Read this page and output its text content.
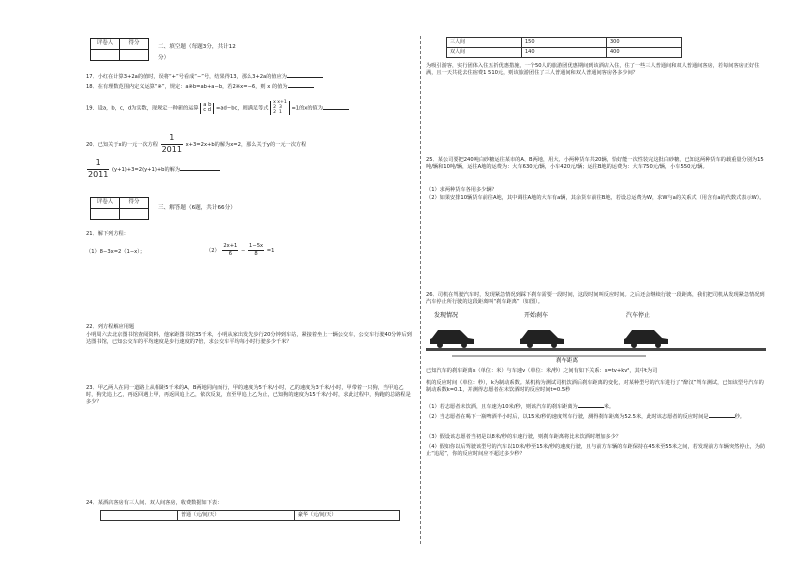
评卷人	得分

二、填空题（每题3分，共计12
分）
17．小红在计算3+2a的值时，误将“+”号看成“−”号，结果得13，那么3+2a的值应为
18．在有理数范围内定义运算“※”，规定：a※b=ab+a−b，若2※x=−6，则 x 的值为
19．设a，b，c，d为实数，现规定一种新的运算 a b
c d =ad−bc，则满足等式 x x+1
2  3
2  1 =1的x的值为
20．已知关于x的一元一次方程 $\frac{1}{2011} x+3=2x+b$的解为x=2，那么关于y的一元一次方程
$\frac{1}{2011} (y+1)+3=2(y+1)+b$的解为
评卷人	得分

三、解答题（6题，共计66分）
21．解下列方程：
（1）8−3x=2（1−x）；	$(2) \frac{2x+1}{6} - \frac{1-5x}{8} =1$
22．列方程解应用题
小明周六去北京图书馆查阅资料，他家距图书馆35千米，小明从家出发先步行20分钟到车站，紧接着坐上一辆公交车，公交车行驶40分钟后到达图书馆，已知公交车的平均速度是步行速度的7倍，求公交车平均每小时行驶多少千米？
23．甲乙两人在同一道路上从相距5千米的A，B两地同向而行，甲的速度为5千米/小时，乙的速度为3千米/小时，甲带着一只狗，当甲追乙时，狗先追上乙，再返回遇上甲，再返回追上乙，依次反复，直至甲追上乙为止，已知狗的速度为15千米/小时，求此过程中，狗跑的总路程是多少？
24．某酒店客房有三人间、双人间客房，收费数据如下表：
	普通（元/间/天）	豪华（元/间/天）
三人间	150	300
双人间	140	400
为吸引游客，实行团体入住五折优惠措施，一个50人的旅游团优惠期间到该酒店入住，住了一些三人普通间和双人普通间客房，若每间客房正好住满，且一天共花去住宿费1 510元，则该旅游团住了三人普通间和双人普通间客房各多少间？
25．某公司要把240吨白砂糖运往某市的A、B两地，用大、小两种货车共20辆，恰好能一次性装完这批白砂糖，已知这两种货车的载重量分别为15吨/辆和10吨/辆，运往A地的运费为：大车630元/辆，小车420元/辆；运往B地的运费为：大车750元/辆，小车550元/辆。
（1）求两种货车各用多少辆？
（2）如果安排10辆货车前往A地，其中调往A地的大车有a辆，其余货车前往B地，若设总运费为W，求W与a的关系式（用含有a的代数式表示W）。
26．司机在驾驶汽车时，发现紧急情况到踩下刹车需要一段时间，这段时间叫反应时间。之后还会继续行驶一段距离，我们把司机从发现紧急情况到汽车停止所行驶的这段距离叫“刹车距离”（如图）。
发现情况	开始刹车	汽车停止
刹车距离
已知汽车的刹车距离s（单位：米）与车速v（单位：米/秒）之间有如下关系：s=tv+kv²，其中t为司
机的反应时间（单位：秒），k为制动系数。某机构为测试司机饮酒后刹车距离的变化，对某种型号的汽车进行了“醉汉”驾车测试，已知该型号汽车的制动系数k=0.1，并测得志愿者在未饮酒时的反应时间t=0.5秒
（1）若志愿者未饮酒，且车速为10米/秒，则该汽车的刹车距离为	米。
（2）当志愿者在喝下一瓶啤酒半小时后，以15米/秒的速度驾车行驶，测得刹车距离为52.5米，此时该志愿者的反应时间是	秒。
（3）假设该志愿者当初是以8米/秒的车速行驶，则刹车距离将比未饮酒时增加多少？
（4）假如你以后驾驶该型号的汽车以10米/秒至15米/秒的速度行驶，且与前方车辆的车距保持在45米至55米之间，若发现前方车辆突然停止，为防止“追尾”，你的反应时间应不超过多少秒？
